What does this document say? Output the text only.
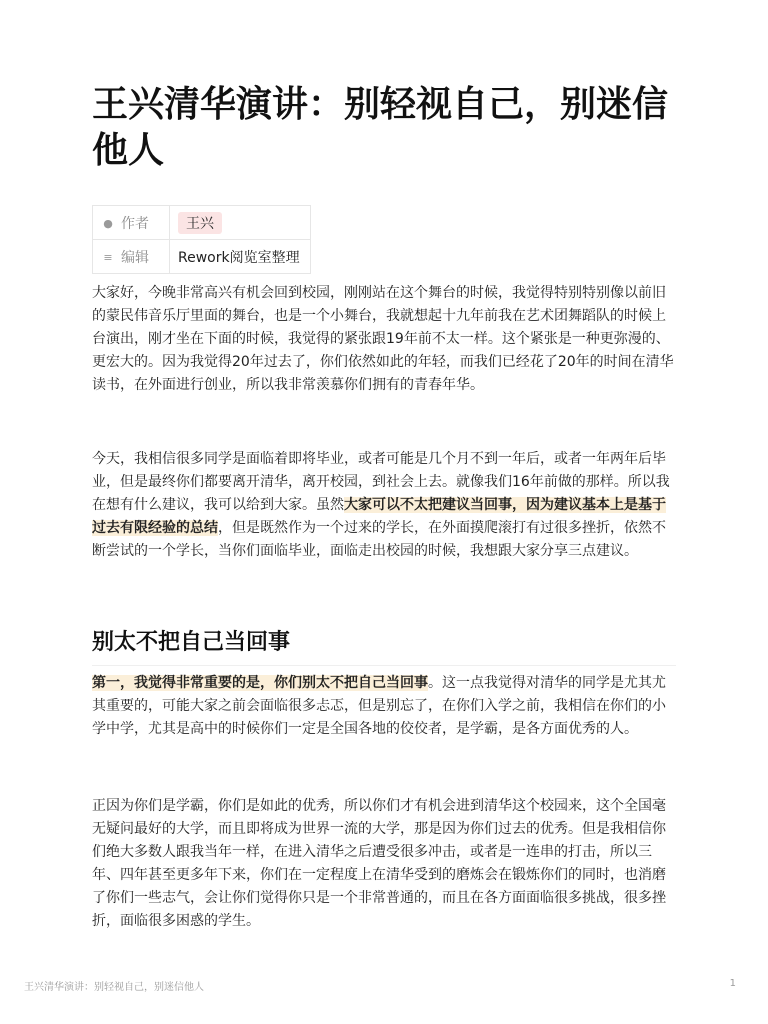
王兴清华演讲：别轻视自己，别迷信他人
● 作者	王兴
≡ 编辑	Rework阅览室整理

大家好，今晚非常高兴有机会回到校园，刚刚站在这个舞台的时候，我觉得特别特别像以前旧的蒙民伟音乐厅里面的舞台，也是一个小舞台，我就想起十九年前我在艺术团舞蹈队的时候上台演出，刚才坐在下面的时候，我觉得的紧张跟19年前不太一样。这个紧张是一种更弥漫的、更宏大的。因为我觉得20年过去了，你们依然如此的年轻，而我们已经花了20年的时间在清华读书，在外面进行创业，所以我非常羡慕你们拥有的青春年华。

今天，我相信很多同学是面临着即将毕业，或者可能是几个月不到一年后，或者一年两年后毕业，但是最终你们都要离开清华，离开校园，到社会上去。就像我们16年前做的那样。所以我在想有什么建议，我可以给到大家。虽然大家可以不太把建议当回事，因为建议基本上是基于过去有限经验的总结，但是既然作为一个过来的学长，在外面摸爬滚打有过很多挫折，依然不断尝试的一个学长，当你们面临毕业，面临走出校园的时候，我想跟大家分享三点建议。

别太不把自己当回事

第一，我觉得非常重要的是，你们别太不把自己当回事。这一点我觉得对清华的同学是尤其尤其重要的，可能大家之前会面临很多忐忑，但是别忘了，在你们入学之前，我相信在你们的小学中学，尤其是高中的时候你们一定是全国各地的佼佼者，是学霸，是各方面优秀的人。

正因为你们是学霸，你们是如此的优秀，所以你们才有机会进到清华这个校园来，这个全国毫无疑问最好的大学，而且即将成为世界一流的大学，那是因为你们过去的优秀。但是我相信你们绝大多数人跟我当年一样，在进入清华之后遭受很多冲击，或者是一连串的打击，所以三年、四年甚至更多年下来，你们在一定程度上在清华受到的磨炼会在锻炼你们的同时，也消磨了你们一些志气，会让你们觉得你只是一个非常普通的，而且在各方面面临很多挑战，很多挫折，面临很多困惑的学生。

王兴清华演讲：别轻视自己，别迷信他人	1
